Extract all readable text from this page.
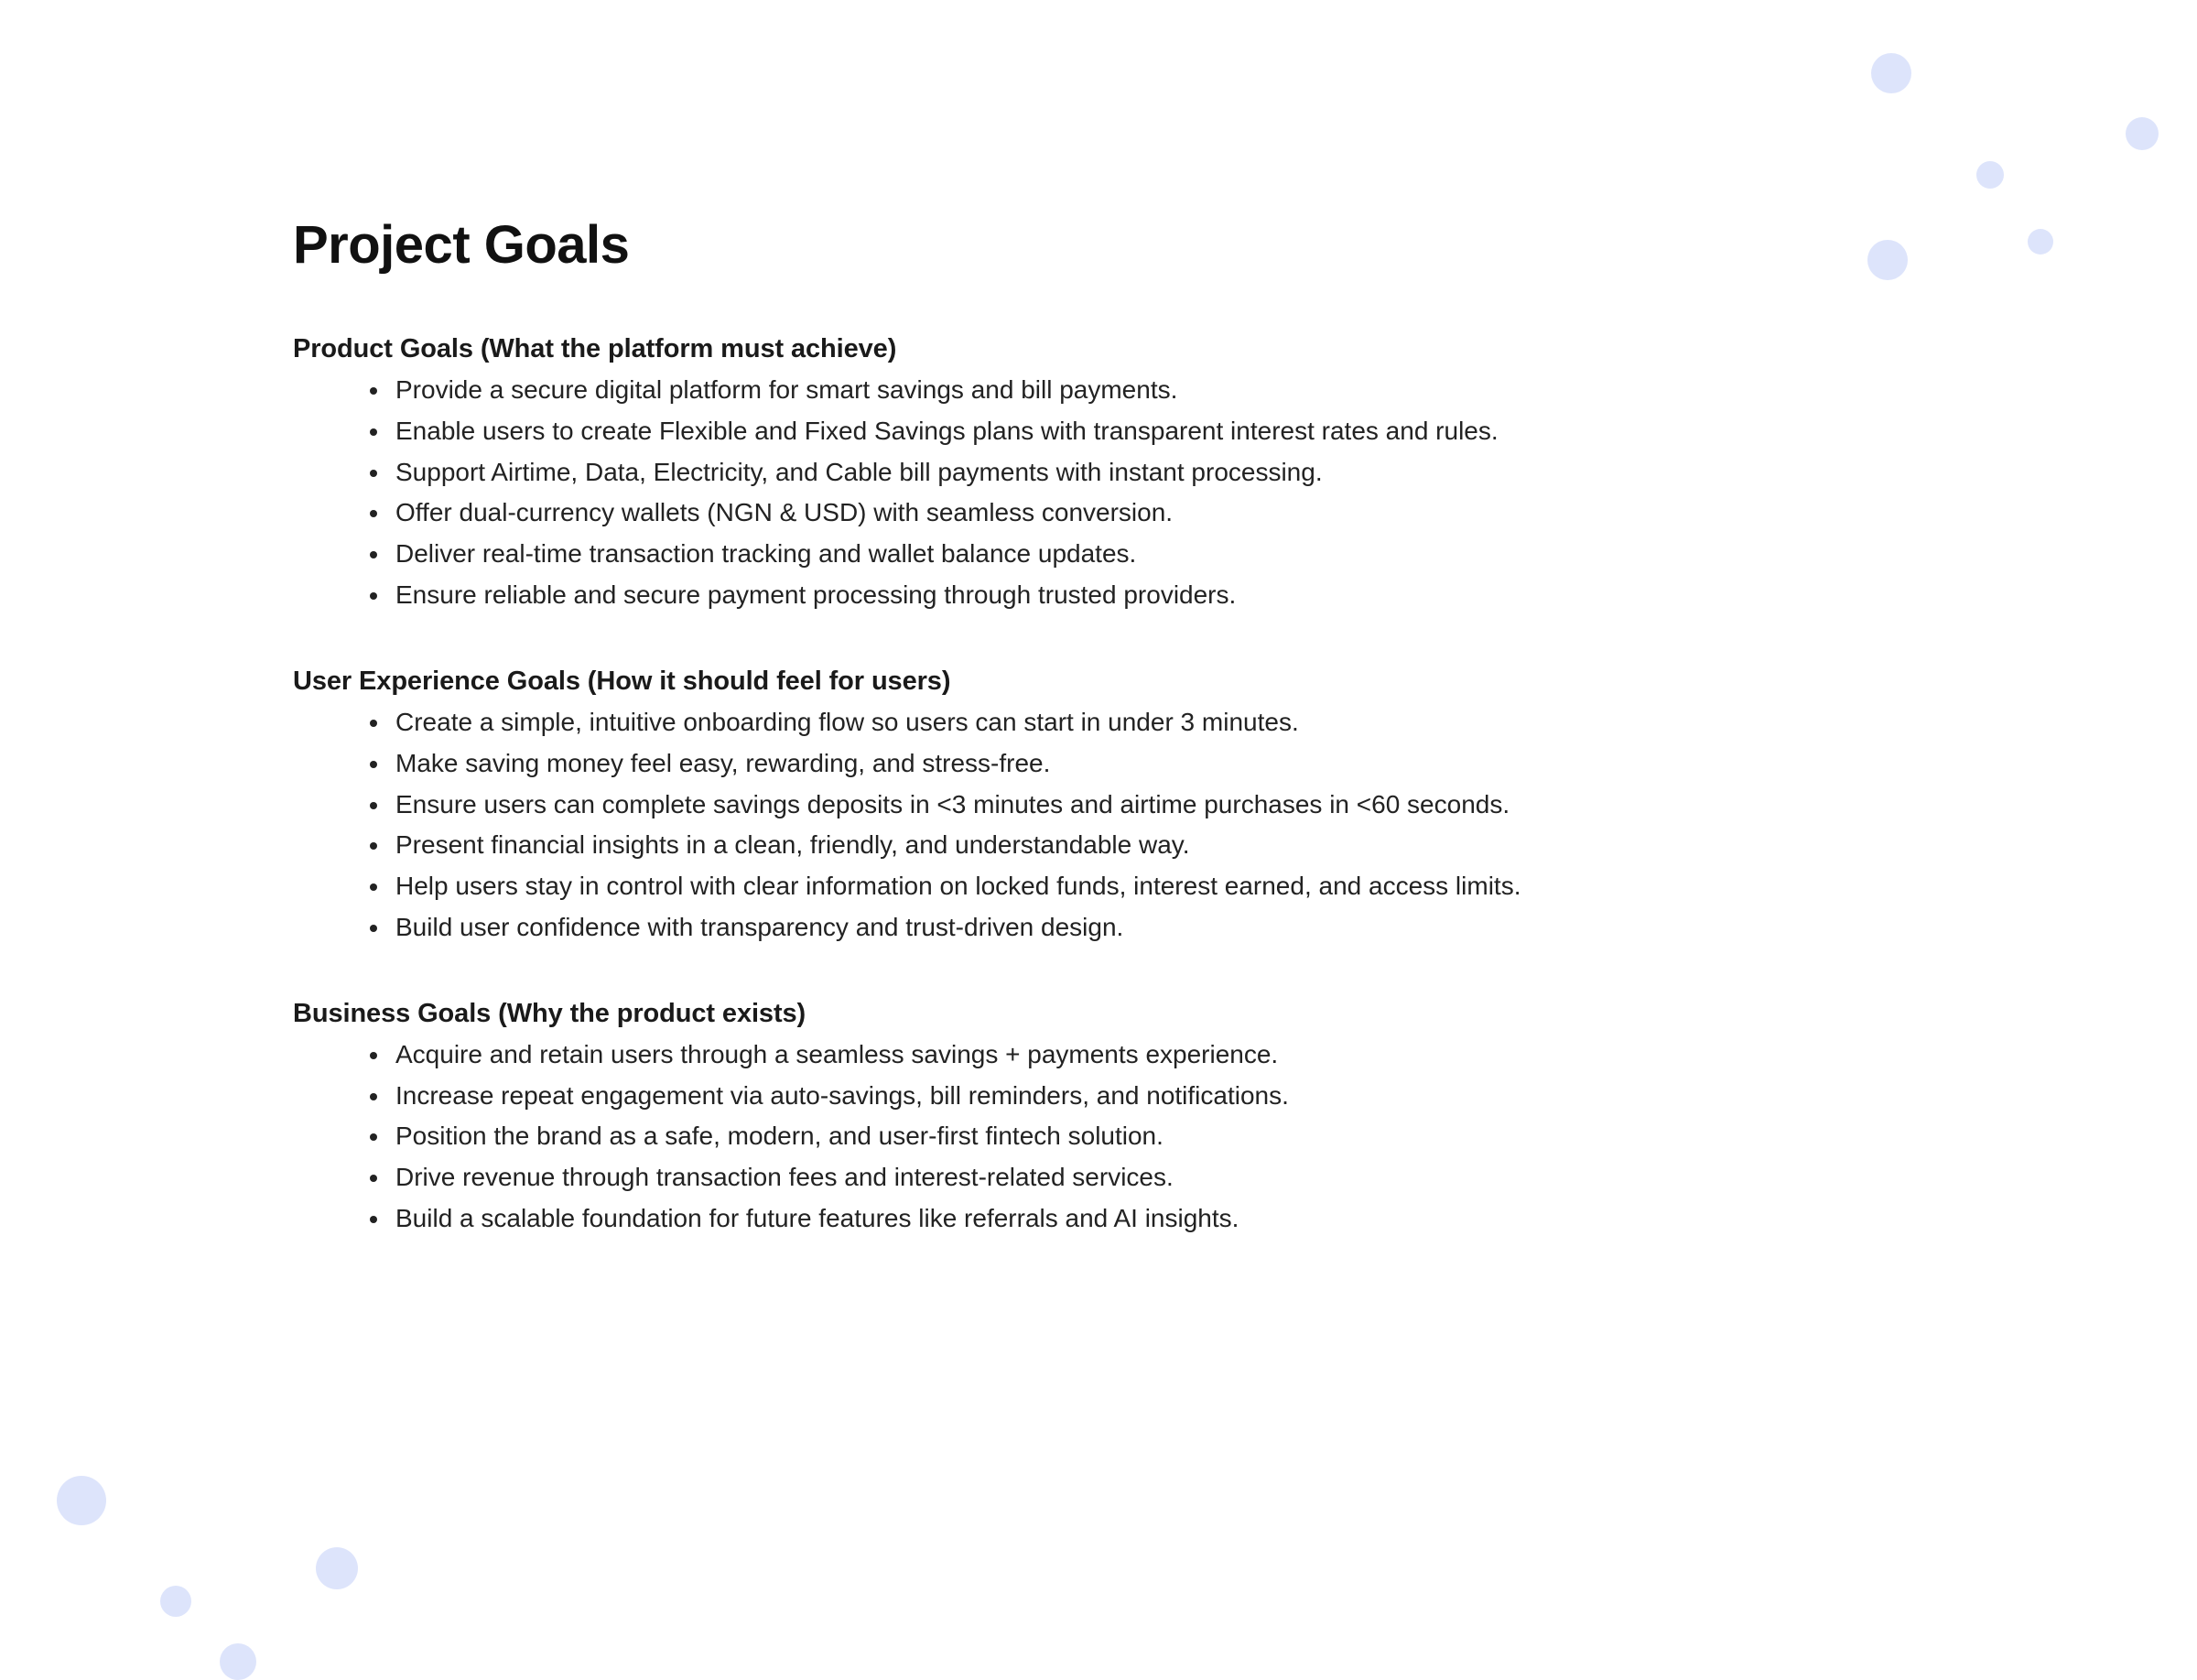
Project Goals
Product Goals (What the platform must achieve)
Provide a secure digital platform for smart savings and bill payments.
Enable users to create Flexible and Fixed Savings plans with transparent interest rates and rules.
Support Airtime, Data, Electricity, and Cable bill payments with instant processing.
Offer dual-currency wallets (NGN & USD) with seamless conversion.
Deliver real-time transaction tracking and wallet balance updates.
Ensure reliable and secure payment processing through trusted providers.
User Experience Goals (How it should feel for users)
Create a simple, intuitive onboarding flow so users can start in under 3 minutes.
Make saving money feel easy, rewarding, and stress-free.
Ensure users can complete savings deposits in <3 minutes and airtime purchases in <60 seconds.
Present financial insights in a clean, friendly, and understandable way.
Help users stay in control with clear information on locked funds, interest earned, and access limits.
Build user confidence with transparency and trust-driven design.
Business Goals (Why the product exists)
Acquire and retain users through a seamless savings + payments experience.
Increase repeat engagement via auto-savings, bill reminders, and notifications.
Position the brand as a safe, modern, and user-first fintech solution.
Drive revenue through transaction fees and interest-related services.
Build a scalable foundation for future features like referrals and AI insights.
